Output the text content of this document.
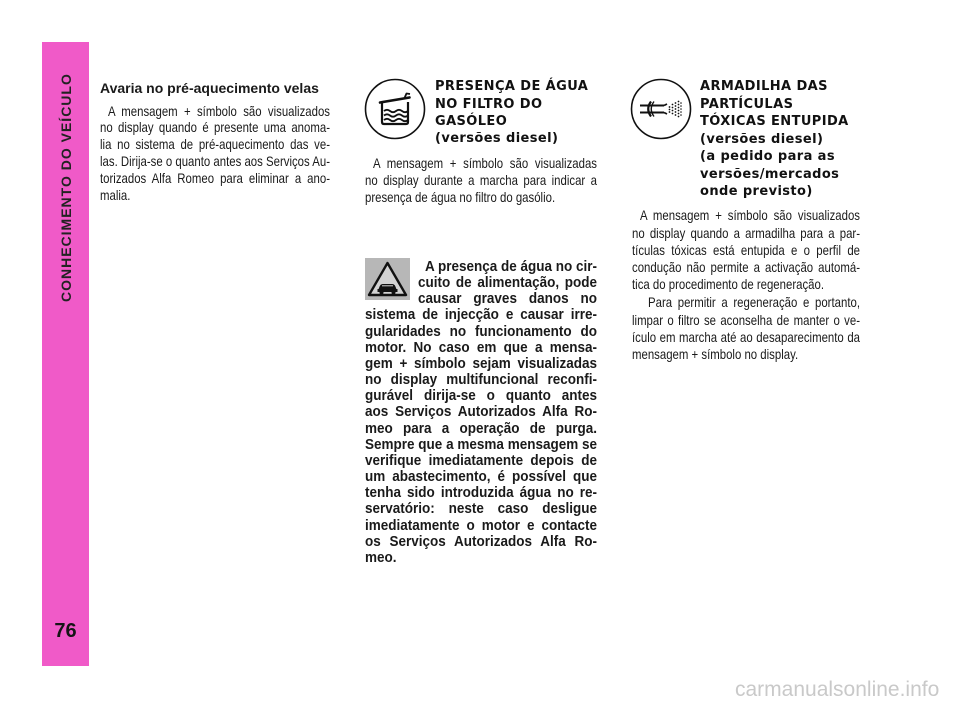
CONHECIMENTO DO VEÍCULO
76
Avaria no pré-aquecimento velas
A mensagem + símbolo são visualizados
no display quando é presente uma anoma-
lia no sistema de pré-aquecimento das ve-
las. Dirija-se o quanto antes aos Serviços Au-
torizados Alfa Romeo para eliminar a ano-
malia.
PRESENÇA DE ÁGUA
NO FILTRO DO
GASÓLEO
(versões diesel)
A mensagem + símbolo são visualizadas
no display durante a marcha para indicar a
presença de água no filtro do gasólio.
A presença de água no cir-
cuito de alimentação, pode
causar graves danos no
sistema de injecção e causar irre-
gularidades no funcionamento do
motor. No caso em que a mensa-
gem + símbolo sejam visualizadas
no display multifuncional reconfi-
gurável dirija-se o quanto antes
aos Serviços Autorizados Alfa Ro-
meo para a operação de purga.
Sempre que a mesma mensagem se
verifique imediatamente depois de
um abastecimento, é possível que
tenha sido introduzida água no re-
servatório: neste caso desligue
imediatamente o motor e contacte
os Serviços Autorizados Alfa Ro-
meo.
ARMADILHA DAS
PARTÍCULAS
TÓXICAS ENTUPIDA
(versões diesel)
(a pedido para as
versões/mercados
onde previsto)
A mensagem + símbolo são visualizados
no display quando a armadilha para a par-
tículas tóxicas está entupida e o perfil de
condução não permite a activação automá-
tica do procedimento de regeneração.
Para permitir a regeneração e portanto,
limpar o filtro se aconselha de manter o ve-
ículo em marcha até ao desaparecimento da
mensagem + símbolo no display.
carmanualsonline.info
